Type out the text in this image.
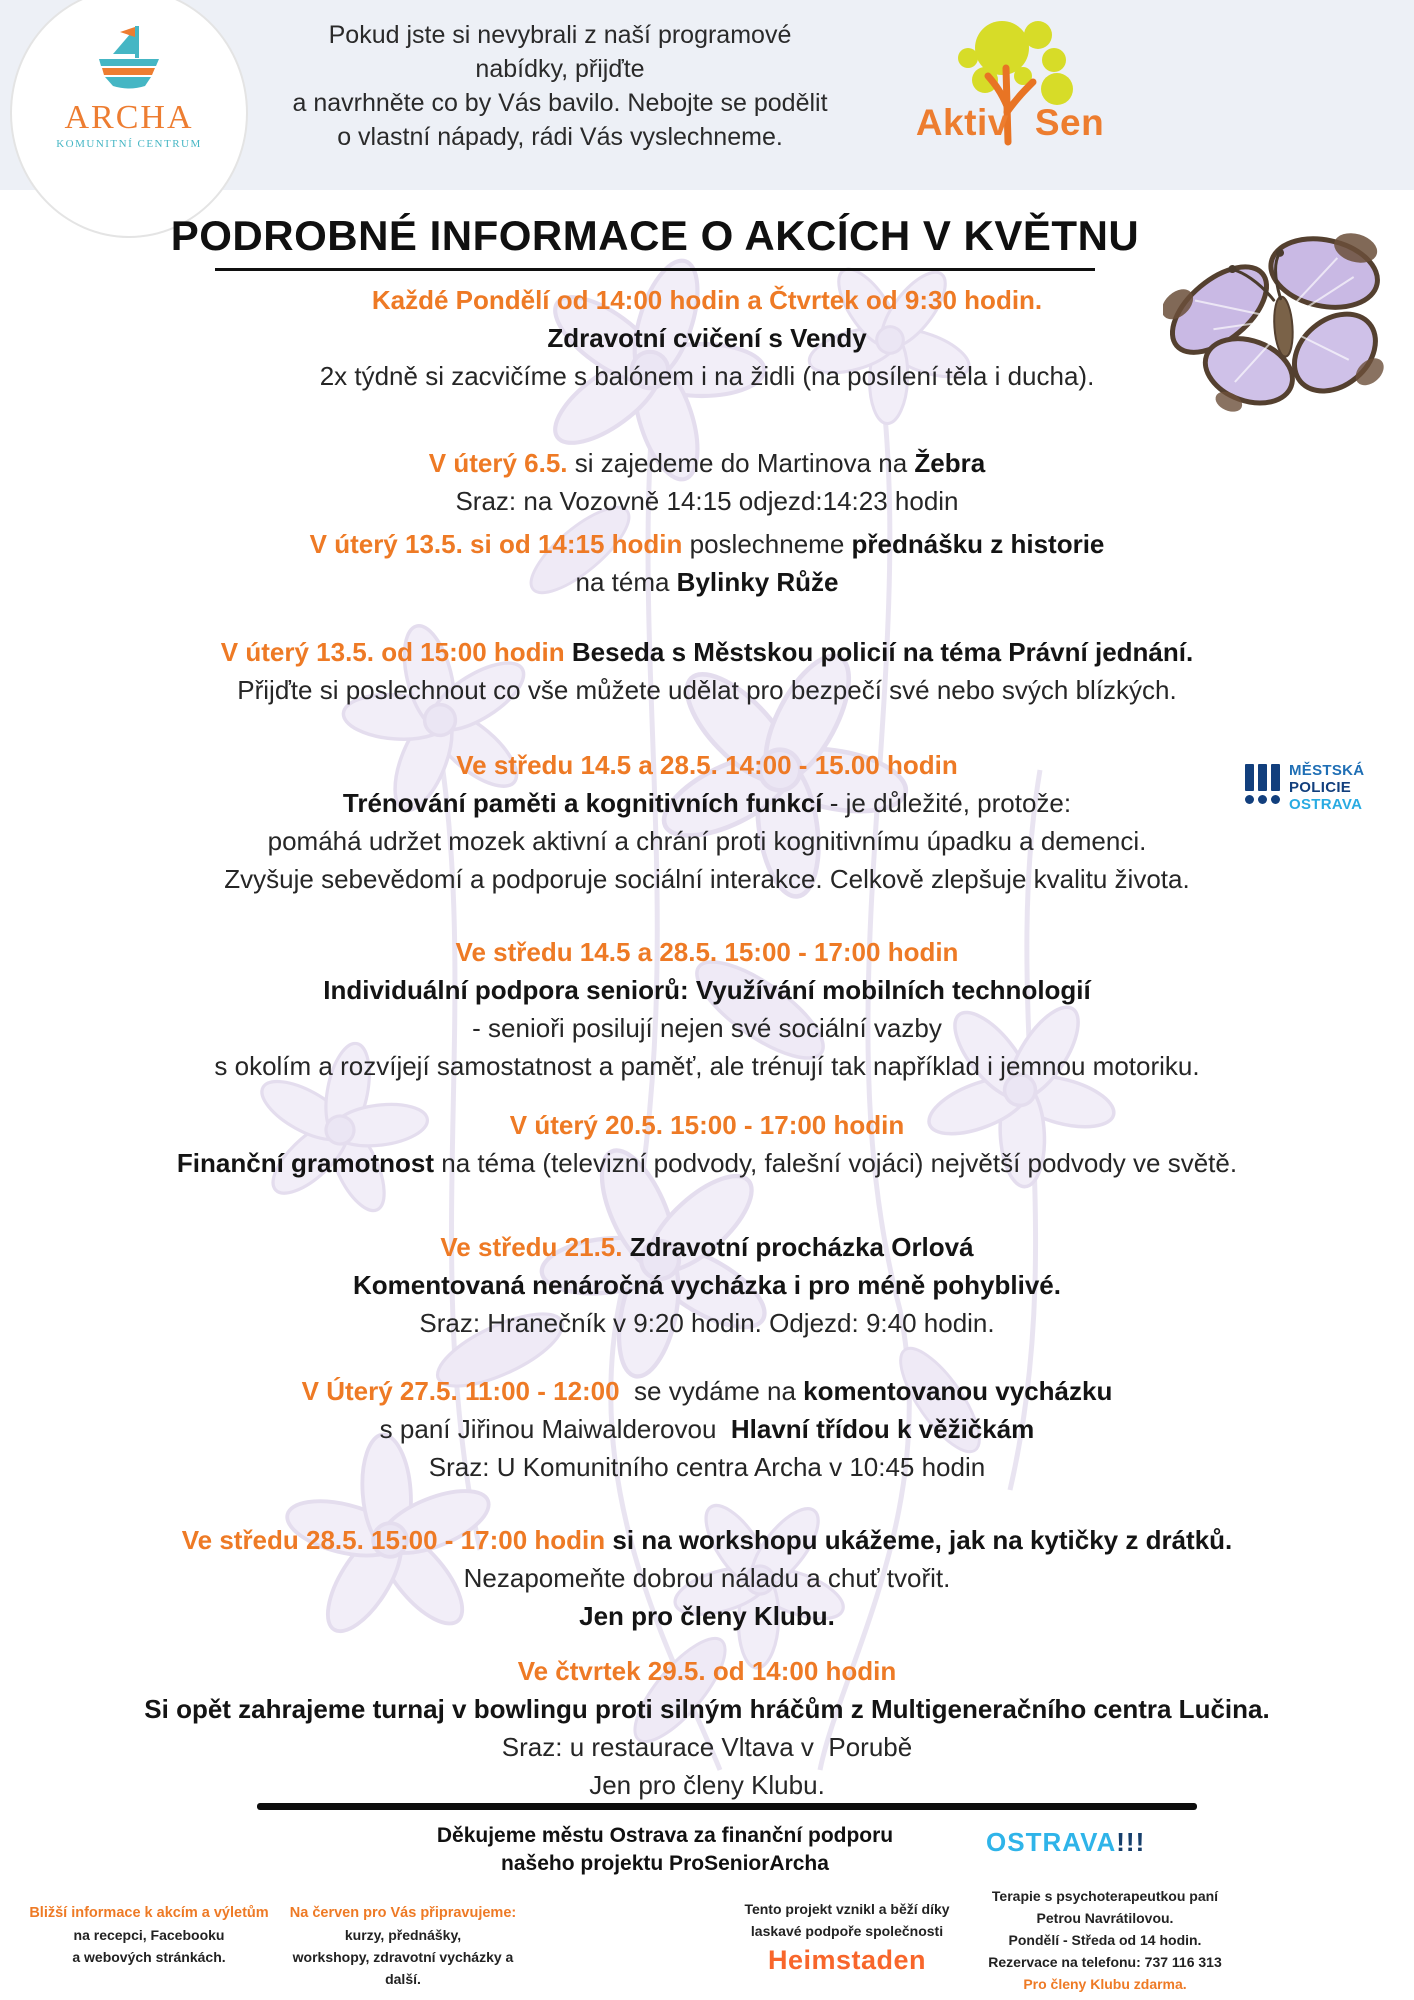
ARCHA
KOMUNITNÍ CENTRUM
Pokud jste si nevybrali z naší programové
nabídky, přijďte
a navrhněte co by Vás bavilo. Nebojte se podělit
o vlastní nápady, rádi Vás vyslechneme.	Aktiv Sen
PODROBNÉ INFORMACE O AKCÍCH V KVĚTNU
MĚSTSKÁ
POLICIE
OSTRAVA
Každé Pondělí od 14:00 hodin a Čtvrtek od 9:30 hodin.
Zdravotní cvičení s Vendy
2x týdně si zacvičíme s balónem i na židli (na posílení těla i ducha).
V úterý 6.5. si zajedeme do Martinova na Žebra
Sraz: na Vozovně 14:15 odjezd:14:23 hodin
V úterý 13.5. si od 14:15 hodin poslechneme přednášku z historie
na téma Bylinky Růže
V úterý 13.5. od 15:00 hodin Beseda s Městskou policií na téma Právní jednání.
Přijďte si poslechnout co vše můžete udělat pro bezpečí své nebo svých blízkých.
Ve středu 14.5 a 28.5. 14:00 - 15.00 hodin
Trénování paměti a kognitivních funkcí - je důležité, protože:
pomáhá udržet mozek aktivní a chrání proti kognitivnímu úpadku a demenci.
Zvyšuje sebevědomí a podporuje sociální interakce. Celkově zlepšuje kvalitu života.
Ve středu 14.5 a 28.5. 15:00 - 17:00 hodin
Individuální podpora seniorů: Využívání mobilních technologií
- senioři posilují nejen své sociální vazby
s okolím a rozvíjejí samostatnost a paměť, ale trénují tak například i jemnou motoriku.
V úterý 20.5. 15:00 - 17:00 hodin
Finanční gramotnost na téma (televizní podvody, falešní vojáci) největší podvody ve světě.
Ve středu 21.5. Zdravotní procházka Orlová
Komentovaná nenáročná vycházka i pro méně pohyblivé.
Sraz: Hranečník v 9:20 hodin. Odjezd: 9:40 hodin.
V Úterý 27.5. 11:00 - 12:00  se vydáme na komentovanou vycházku
s paní Jiřinou Maiwalderovou  Hlavní třídou k věžičkám
Sraz: U Komunitního centra Archa v 10:45 hodin
Ve středu 28.5. 15:00 - 17:00 hodin si na workshopu ukážeme, jak na kytičky z drátků.
Nezapomeňte dobrou náladu a chuť tvořit.
Jen pro členy Klubu.
Ve čtvrtek 29.5. od 14:00 hodin
Si opět zahrajeme turnaj v bowlingu proti silným hráčům z Multigeneračního centra Lučina.
Sraz: u restaurace Vltava v  Porubě
Jen pro členy Klubu.
Děkujeme městu Ostrava za finanční podporu
našeho projektu ProSeniorArcha
OSTRAVA!!!
Bližší informace k akcím a výletům
na recepci, Facebooku
a webových stránkách.
Na červen pro Vás připravujeme:
kurzy, přednášky,
workshopy, zdravotní vycházky a další.
Tento projekt vznikl a běží díky
laskavé podpoře společnosti
Heimstaden
Terapie s psychoterapeutkou paní
Petrou Navrátilovou.
Pondělí - Středa od 14 hodin.
Rezervace na telefonu: 737 116 313
Pro členy Klubu zdarma.
